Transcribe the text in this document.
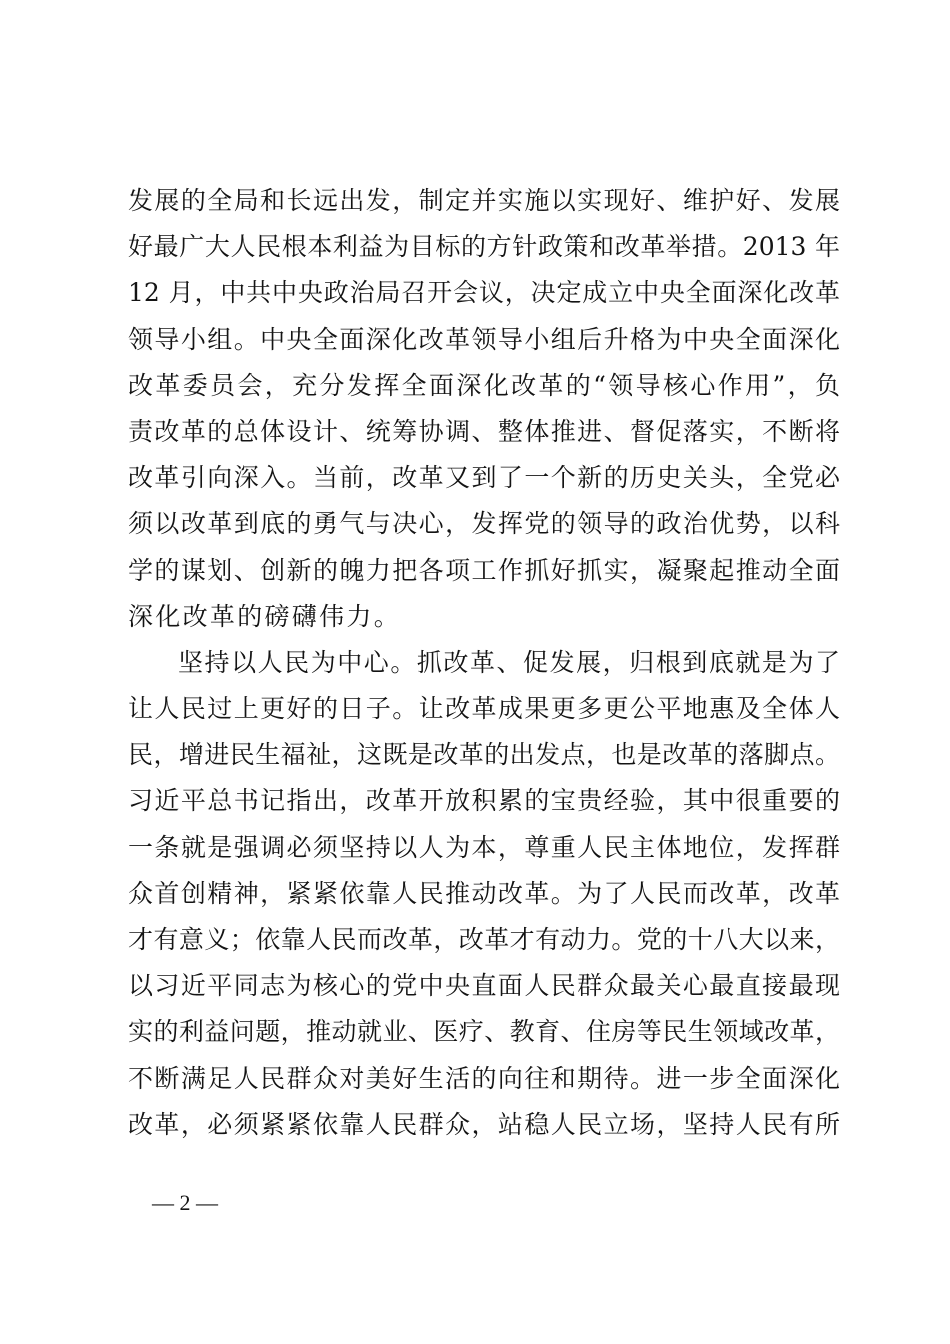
发展的全局和长远出发，制定并实施以实现好、维护好、发展
好最广大人民根本利益为目标的方针政策和改革举措。2013 年
12 月，中共中央政治局召开会议，决定成立中央全面深化改革
领导小组。中央全面深化改革领导小组后升格为中央全面深化
改革委员会，充分发挥全面深化改革的“领导核心作用”，负
责改革的总体设计、统筹协调、整体推进、督促落实，不断将
改革引向深入。当前，改革又到了一个新的历史关头，全党必
须以改革到底的勇气与决心，发挥党的领导的政治优势，以科
学的谋划、创新的魄力把各项工作抓好抓实，凝聚起推动全面
深化改革的磅礴伟力。
坚持以人民为中心。抓改革、促发展，归根到底就是为了
让人民过上更好的日子。让改革成果更多更公平地惠及全体人
民，增进民生福祉，这既是改革的出发点，也是改革的落脚点。
习近平总书记指出，改革开放积累的宝贵经验，其中很重要的
一条就是强调必须坚持以人为本，尊重人民主体地位，发挥群
众首创精神，紧紧依靠人民推动改革。为了人民而改革，改革
才有意义；依靠人民而改革，改革才有动力。党的十八大以来，
以习近平同志为核心的党中央直面人民群众最关心最直接最现
实的利益问题，推动就业、医疗、教育、住房等民生领域改革，
不断满足人民群众对美好生活的向往和期待。进一步全面深化
改革，必须紧紧依靠人民群众，站稳人民立场，坚持人民有所
— 2 —
